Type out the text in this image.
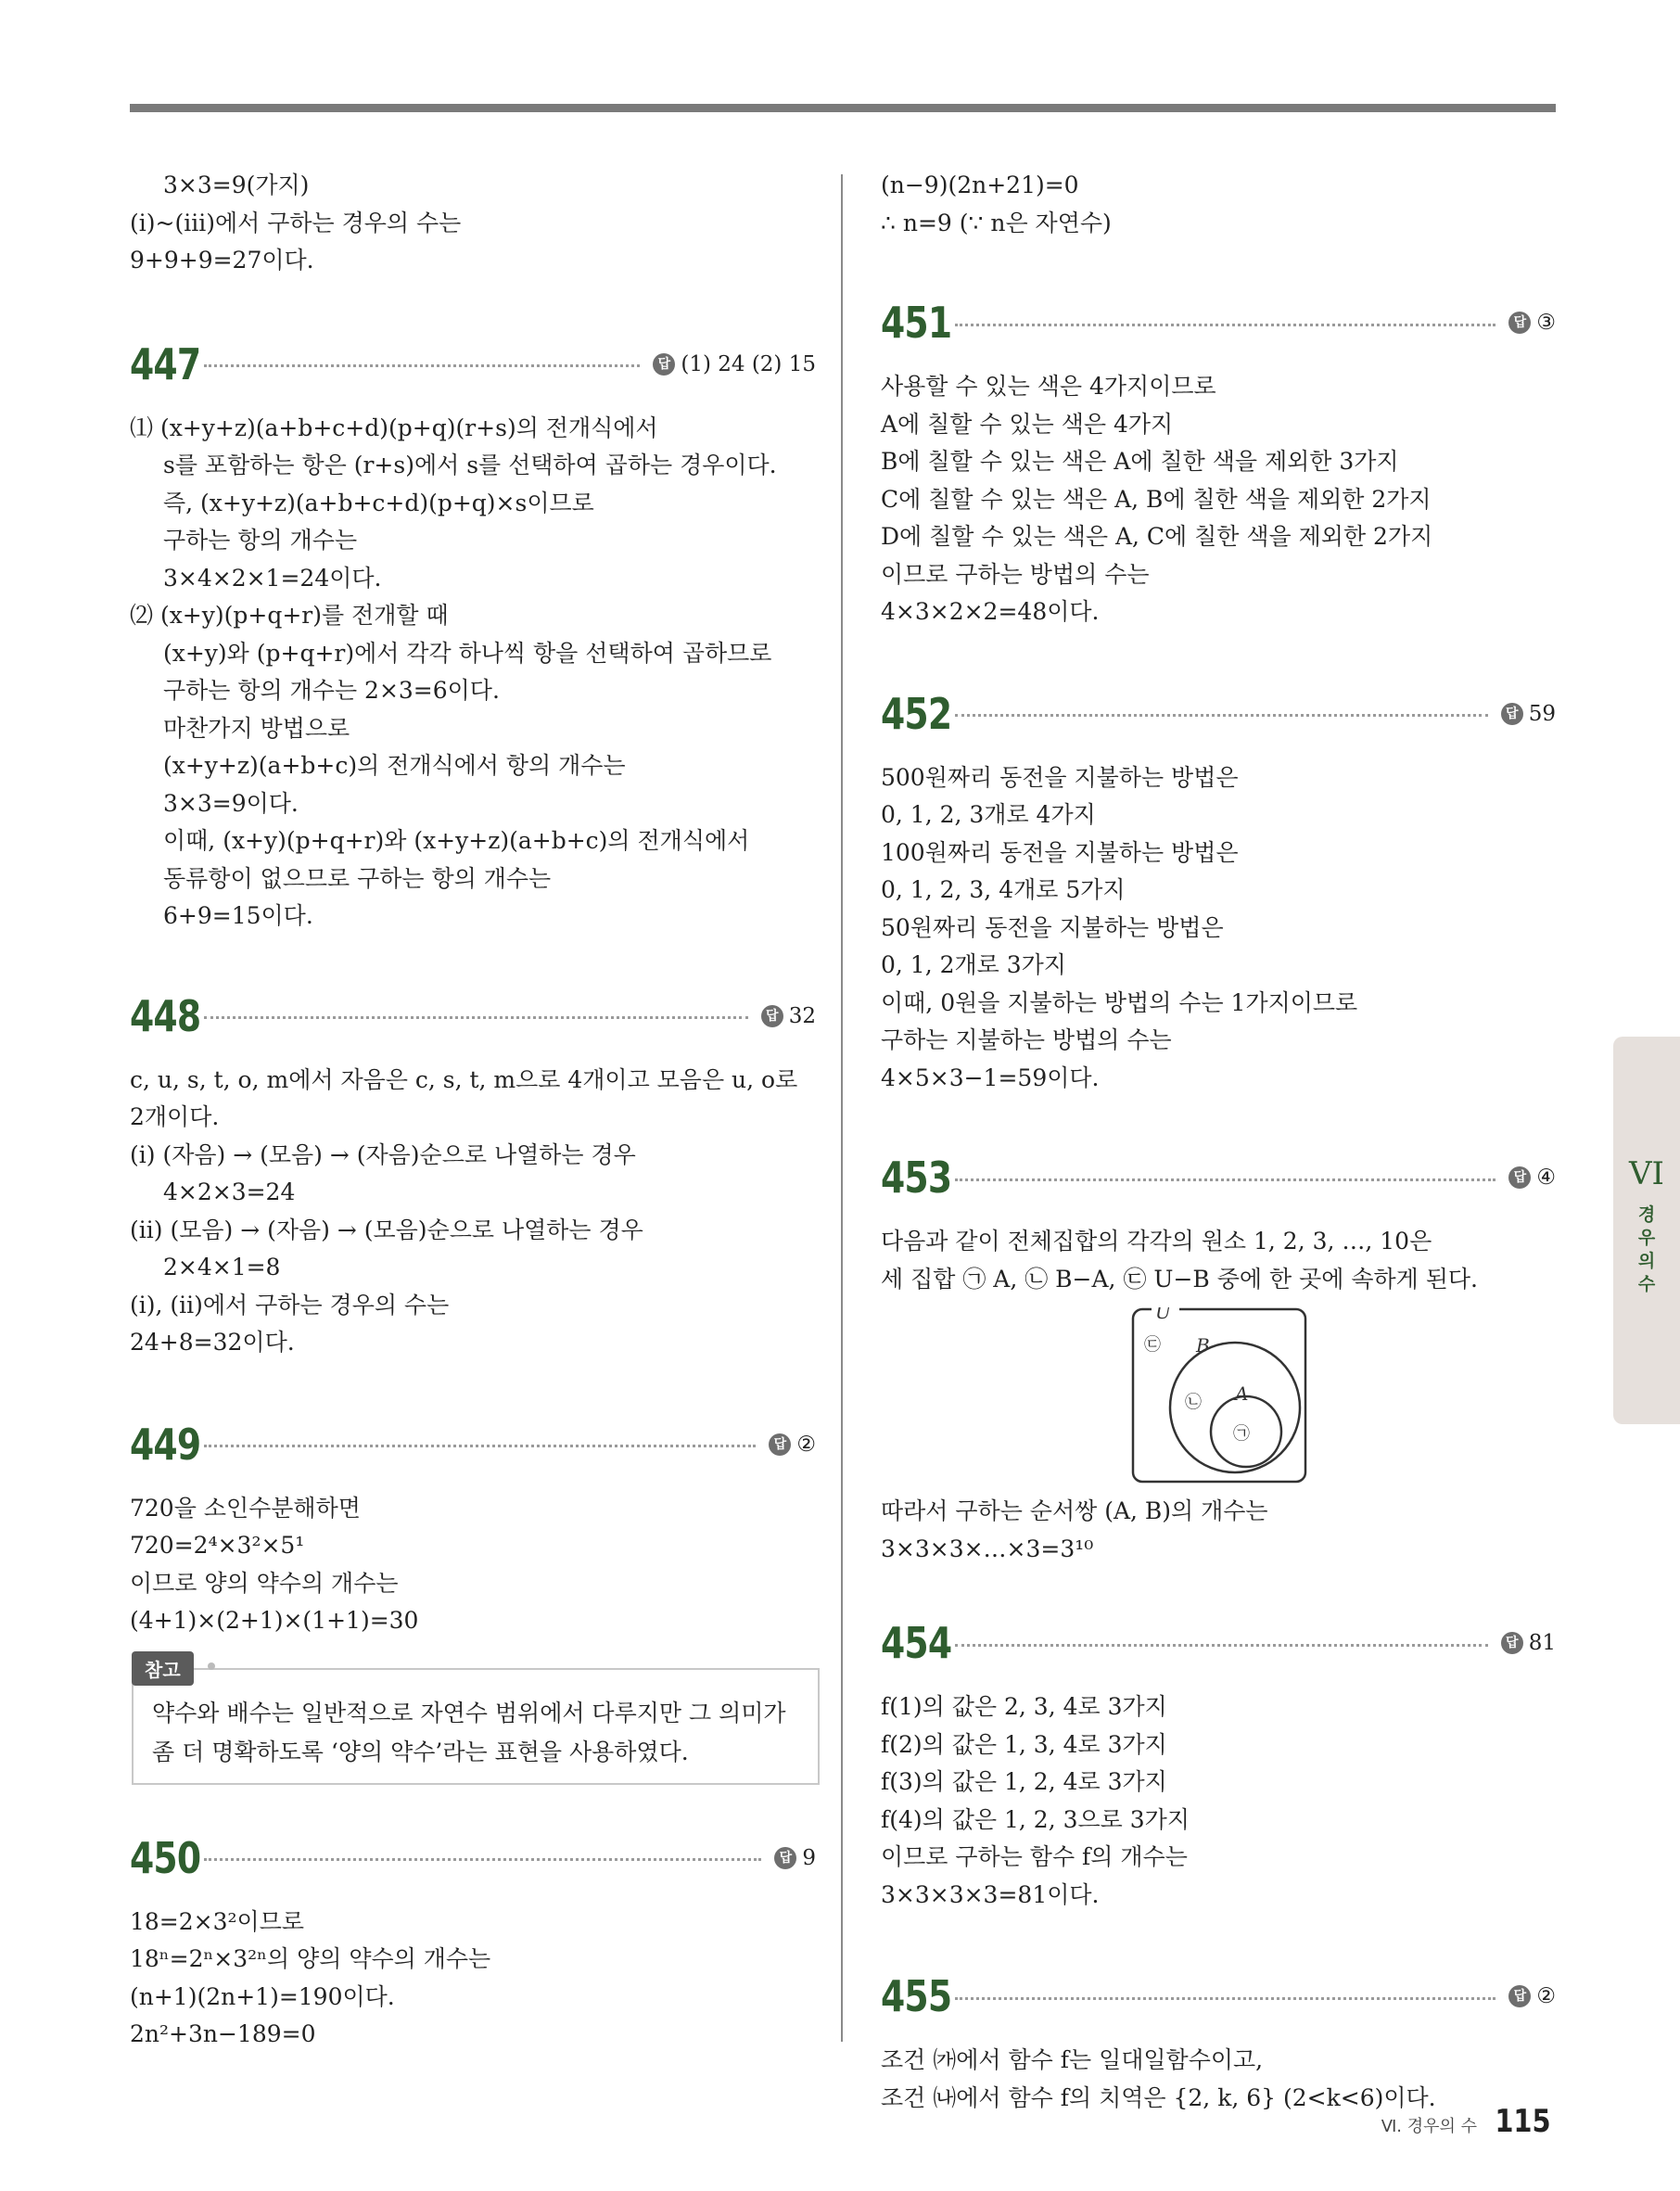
3×3=9(가지)
(ⅰ)~(ⅲ)에서 구하는 경우의 수는
9+9+9=27이다.
447	답 (1) 24 (2) 15
⑴ (x+y+z)(a+b+c+d)(p+q)(r+s)의 전개식에서
s를 포함하는 항은 (r+s)에서 s를 선택하여 곱하는 경우이다.
즉, (x+y+z)(a+b+c+d)(p+q)×s이므로
구하는 항의 개수는
3×4×2×1=24이다.
⑵ (x+y)(p+q+r)를 전개할 때
(x+y)와 (p+q+r)에서 각각 하나씩 항을 선택하여 곱하므로
구하는 항의 개수는 2×3=6이다.
마찬가지 방법으로
(x+y+z)(a+b+c)의 전개식에서 항의 개수는
3×3=9이다.
이때, (x+y)(p+q+r)와 (x+y+z)(a+b+c)의 전개식에서
동류항이 없으므로 구하는 항의 개수는
6+9=15이다.
448	답 32
c, u, s, t, o, m에서 자음은 c, s, t, m으로 4개이고 모음은 u, o로
2개이다.
(ⅰ) (자음) → (모음) → (자음)순으로 나열하는 경우
4×2×3=24
(ⅱ) (모음) → (자음) → (모음)순으로 나열하는 경우
2×4×1=8
(ⅰ), (ⅱ)에서 구하는 경우의 수는
24+8=32이다.
449	답 ②
720을 소인수분해하면
720=2⁴×3²×5¹
이므로 양의 약수의 개수는
(4+1)×(2+1)×(1+1)=30
참고
약수와 배수는 일반적으로 자연수 범위에서 다루지만 그 의미가 좀 더 명확하도록 ‘양의 약수’라는 표현을 사용하였다.
450	답 9
18=2×3²이므로
18ⁿ=2ⁿ×3²ⁿ의 양의 약수의 개수는
(n+1)(2n+1)=190이다.
2n²+3n−189=0
(n−9)(2n+21)=0
∴ n=9 (∵ n은 자연수)
451	답 ③
사용할 수 있는 색은 4가지이므로
A에 칠할 수 있는 색은 4가지
B에 칠할 수 있는 색은 A에 칠한 색을 제외한 3가지
C에 칠할 수 있는 색은 A, B에 칠한 색을 제외한 2가지
D에 칠할 수 있는 색은 A, C에 칠한 색을 제외한 2가지
이므로 구하는 방법의 수는
4×3×2×2=48이다.
452	답 59
500원짜리 동전을 지불하는 방법은
0, 1, 2, 3개로 4가지
100원짜리 동전을 지불하는 방법은
0, 1, 2, 3, 4개로 5가지
50원짜리 동전을 지불하는 방법은
0, 1, 2개로 3가지
이때, 0원을 지불하는 방법의 수는 1가지이므로
구하는 지불하는 방법의 수는
4×5×3−1=59이다.
453	답 ④
다음과 같이 전체집합의 각각의 원소 1, 2, 3, …, 10은
세 집합 ㉠ A, ㉡ B−A, ㉢ U−B 중에 한 곳에 속하게 된다.
U
B
A
㉢
㉡
㉠
따라서 구하는 순서쌍 (A, B)의 개수는
3×3×3×…×3=3¹⁰
454	답 81
f(1)의 값은 2, 3, 4로 3가지
f(2)의 값은 1, 3, 4로 3가지
f(3)의 값은 1, 2, 4로 3가지
f(4)의 값은 1, 2, 3으로 3가지
이므로 구하는 함수 f의 개수는
3×3×3×3=81이다.
455	답 ②
조건 ㈎에서 함수 f는 일대일함수이고,
조건 ㈏에서 함수 f의 치역은 {2, k, 6} (2<k<6)이다.
VI
경
우
의
수
Ⅵ. 경우의 수 115
